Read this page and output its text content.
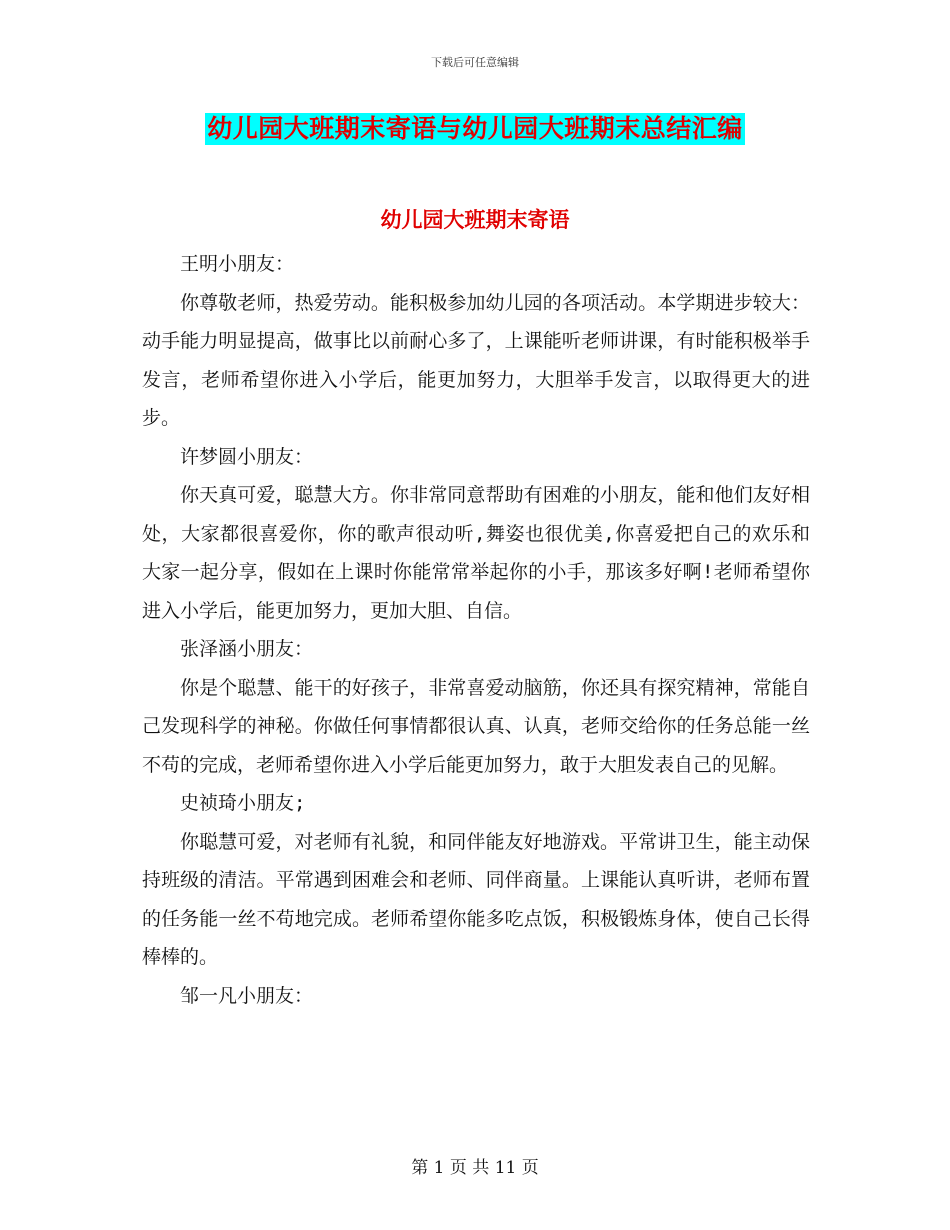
下载后可任意编辑
幼儿园大班期末寄语与幼儿园大班期末总结汇编
幼儿园大班期末寄语

王明小朋友：

你尊敬老师，热爱劳动。能积极参加幼儿园的各项活动。本学期进步较大：动手能力明显提高，做事比以前耐心多了，上课能听老师讲课，有时能积极举手发言，老师希望你进入小学后，能更加努力，大胆举手发言，以取得更大的进步。

许梦圆小朋友：

你天真可爱，聪慧大方。你非常同意帮助有困难的小朋友，能和他们友好相处，大家都很喜爱你，你的歌声很动听,舞姿也很优美,你喜爱把自己的欢乐和大家一起分享，假如在上课时你能常常举起你的小手，那该多好啊!老师希望你进入小学后，能更加努力，更加大胆、自信。

张泽涵小朋友：

你是个聪慧、能干的好孩子，非常喜爱动脑筋，你还具有探究精神，常能自己发现科学的神秘。你做任何事情都很认真、认真，老师交给你的任务总能一丝不苟的完成，老师希望你进入小学后能更加努力，敢于大胆发表自己的见解。

史祯琦小朋友;

你聪慧可爱，对老师有礼貌，和同伴能友好地游戏。平常讲卫生，能主动保持班级的清洁。平常遇到困难会和老师、同伴商量。上课能认真听讲，老师布置的任务能一丝不苟地完成。老师希望你能多吃点饭，积极锻炼身体，使自己长得棒棒的。

邹一凡小朋友：

第 1 页 共 11 页
